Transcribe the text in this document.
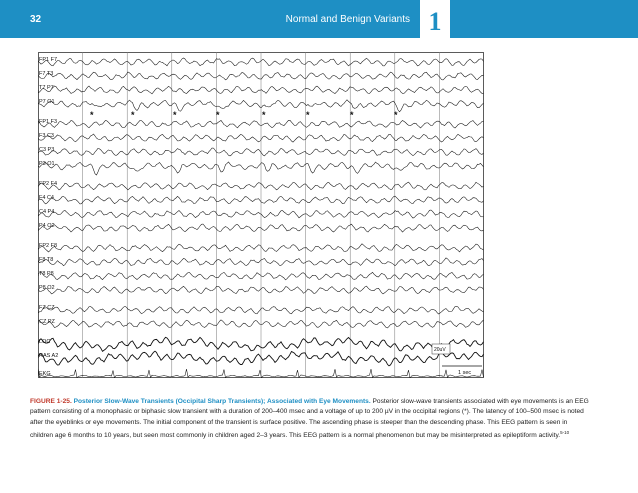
32	Normal and Benign Variants 1
FP1 F7
F7 T3
T7 P7
P7 O1
FP1 F3
F3 C3
C3 P3
P3 O1
FP2 F4
F4 C4
C4 P4
P4 O2
FP2 F8
F8 T8
T8 P8
P8 O2
FZ CZ
CZ PZ
LOC
RAS A2
EKG
*	*	*	*	*	*	*	*
20uV
1 sec

FIGURE 1-25. Posterior Slow-Wave Transients (Occipital Sharp Transients); Associated with Eye Movements. Posterior slow-wave transients associated with eye movements is an EEG pattern consisting of a monophasic or biphasic slow transient with a duration of 200–400 msec and a voltage of up to 200 µV in the occipital regions (*). The latency of 100–500 msec is noted after the eyeblinks or eye movements. The initial component of the transient is surface positive. The ascending phase is steeper than the descending phase. This EEG pattern is seen in children age 6 months to 10 years, but seen most commonly in children aged 2–3 years. This EEG pattern is a normal phenomenon but may be misinterpreted as epileptiform activity.$^{5-10}$
